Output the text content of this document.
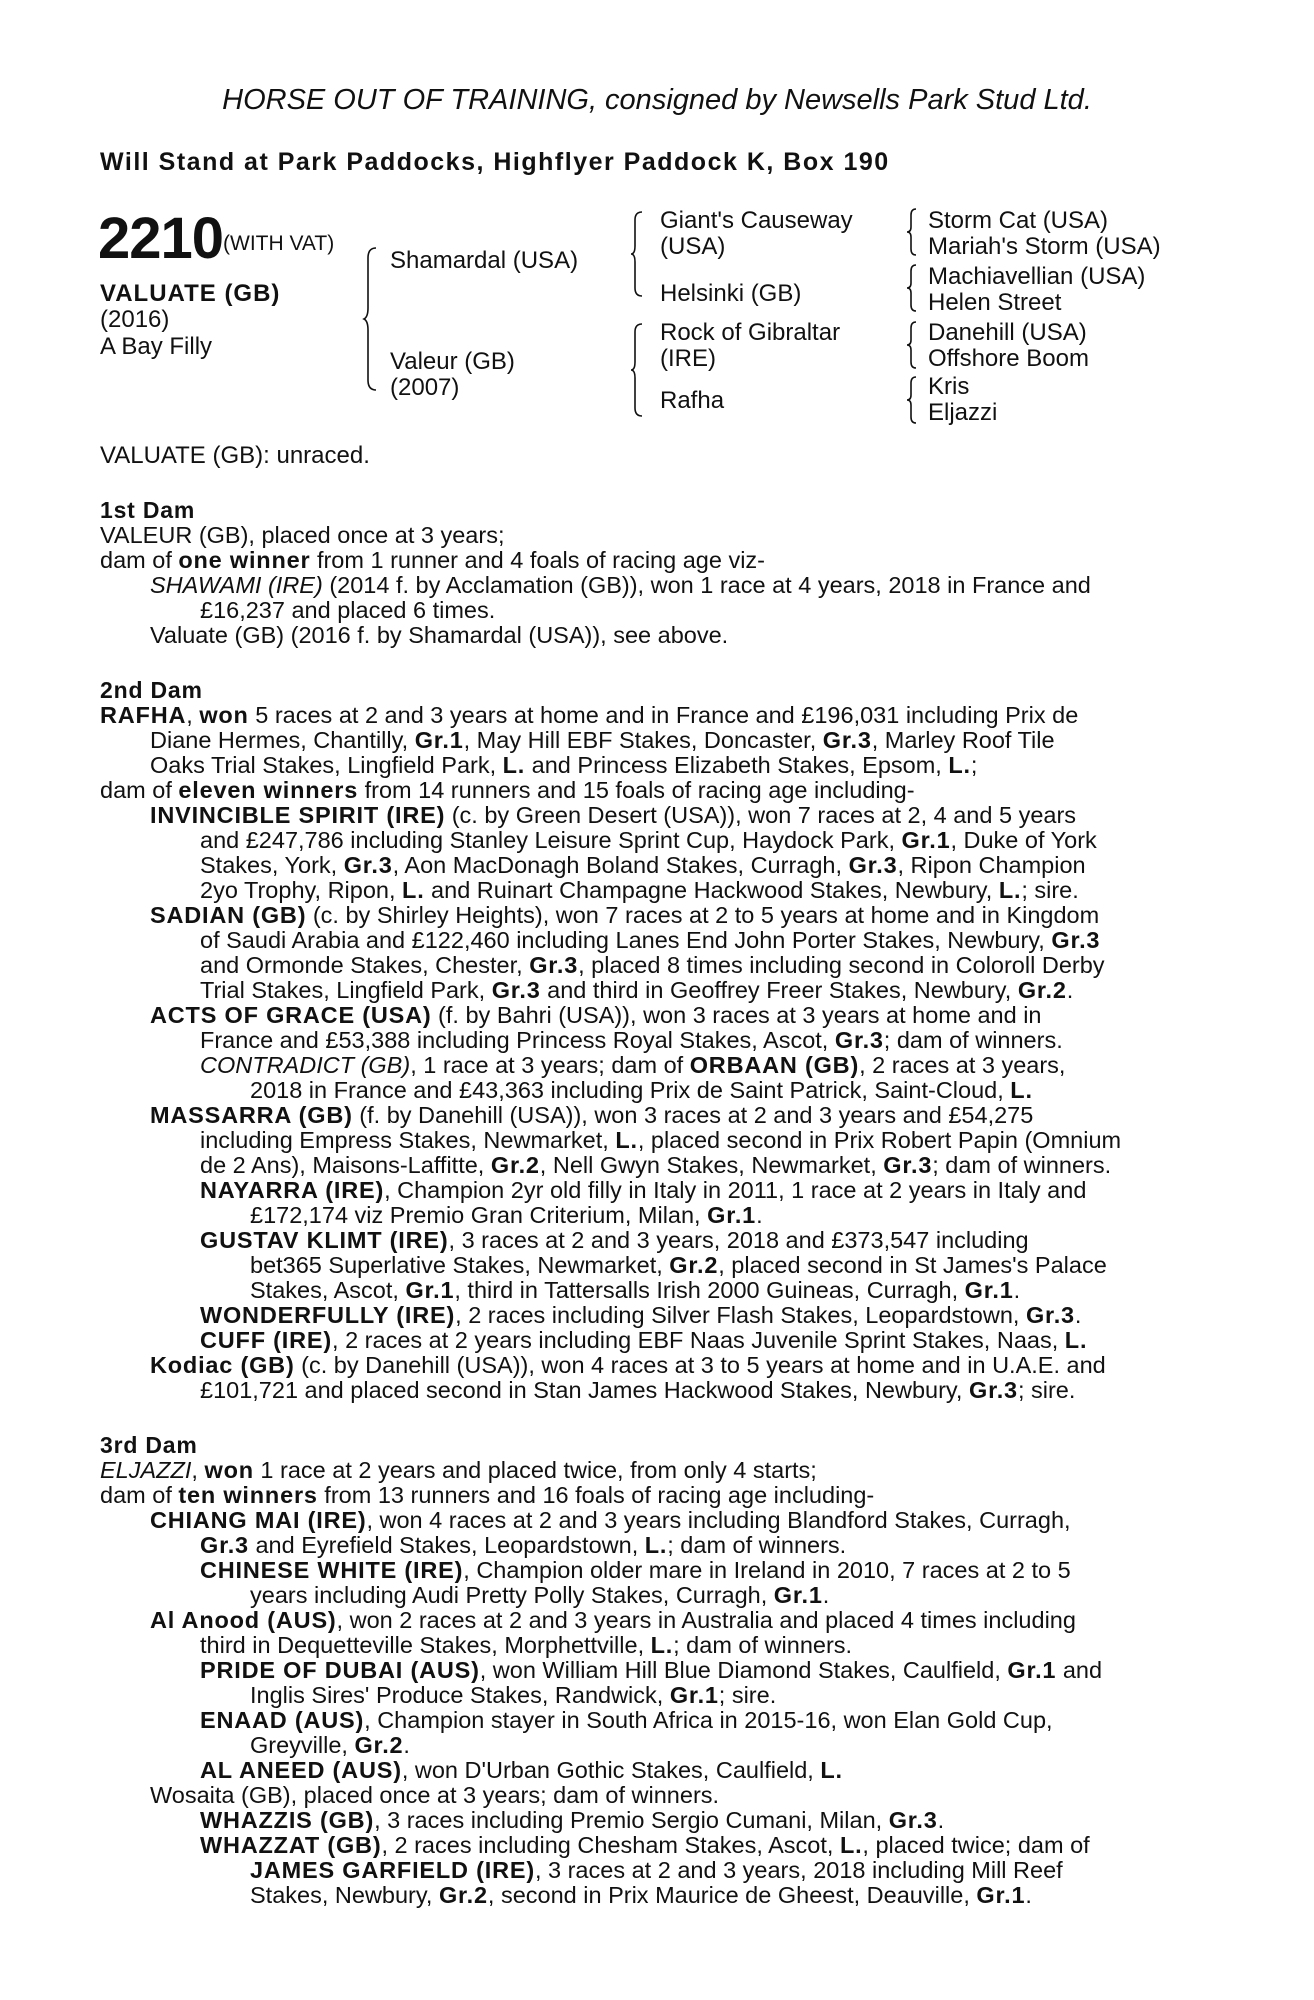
HORSE OUT OF TRAINING, consigned by Newsells Park Stud Ltd.
Will Stand at Park Paddocks, Highflyer Paddock K, Box 190
2210 (WITH VAT)
VALUATE (GB)
(2016)
A Bay Filly
Shamardal (USA)
Valeur (GB)
(2007)
Giant's Causeway
(USA)
Helsinki (GB)
Rock of Gibraltar
(IRE)
Rafha
Storm Cat (USA)
Mariah's Storm (USA)
Machiavellian (USA)
Helen Street
Danehill (USA)
Offshore Boom
Kris
Eljazzi
VALUATE (GB): unraced.
1st Dam
VALEUR (GB), placed once at 3 years;
dam of one winner from 1 runner and 4 foals of racing age viz-
SHAWAMI (IRE) (2014 f. by Acclamation (GB)), won 1 race at 4 years, 2018 in France and
£16,237 and placed 6 times.
Valuate (GB) (2016 f. by Shamardal (USA)), see above.
2nd Dam
RAFHA, won 5 races at 2 and 3 years at home and in France and £196,031 including Prix de
Diane Hermes, Chantilly, Gr.1, May Hill EBF Stakes, Doncaster, Gr.3, Marley Roof Tile
Oaks Trial Stakes, Lingfield Park, L. and Princess Elizabeth Stakes, Epsom, L.;
dam of eleven winners from 14 runners and 15 foals of racing age including-
INVINCIBLE SPIRIT (IRE) (c. by Green Desert (USA)), won 7 races at 2, 4 and 5 years
and £247,786 including Stanley Leisure Sprint Cup, Haydock Park, Gr.1, Duke of York
Stakes, York, Gr.3, Aon MacDonagh Boland Stakes, Curragh, Gr.3, Ripon Champion
2yo Trophy, Ripon, L. and Ruinart Champagne Hackwood Stakes, Newbury, L.; sire.
SADIAN (GB) (c. by Shirley Heights), won 7 races at 2 to 5 years at home and in Kingdom
of Saudi Arabia and £122,460 including Lanes End John Porter Stakes, Newbury, Gr.3
and Ormonde Stakes, Chester, Gr.3, placed 8 times including second in Coloroll Derby
Trial Stakes, Lingfield Park, Gr.3 and third in Geoffrey Freer Stakes, Newbury, Gr.2.
ACTS OF GRACE (USA) (f. by Bahri (USA)), won 3 races at 3 years at home and in
France and £53,388 including Princess Royal Stakes, Ascot, Gr.3; dam of winners.
CONTRADICT (GB), 1 race at 3 years; dam of ORBAAN (GB), 2 races at 3 years,
2018 in France and £43,363 including Prix de Saint Patrick, Saint-Cloud, L.
MASSARRA (GB) (f. by Danehill (USA)), won 3 races at 2 and 3 years and £54,275
including Empress Stakes, Newmarket, L., placed second in Prix Robert Papin (Omnium
de 2 Ans), Maisons-Laffitte, Gr.2, Nell Gwyn Stakes, Newmarket, Gr.3; dam of winners.
NAYARRA (IRE), Champion 2yr old filly in Italy in 2011, 1 race at 2 years in Italy and
£172,174 viz Premio Gran Criterium, Milan, Gr.1.
GUSTAV KLIMT (IRE), 3 races at 2 and 3 years, 2018 and £373,547 including
bet365 Superlative Stakes, Newmarket, Gr.2, placed second in St James's Palace
Stakes, Ascot, Gr.1, third in Tattersalls Irish 2000 Guineas, Curragh, Gr.1.
WONDERFULLY (IRE), 2 races including Silver Flash Stakes, Leopardstown, Gr.3.
CUFF (IRE), 2 races at 2 years including EBF Naas Juvenile Sprint Stakes, Naas, L.
Kodiac (GB) (c. by Danehill (USA)), won 4 races at 3 to 5 years at home and in U.A.E. and
£101,721 and placed second in Stan James Hackwood Stakes, Newbury, Gr.3; sire.
3rd Dam
ELJAZZI, won 1 race at 2 years and placed twice, from only 4 starts;
dam of ten winners from 13 runners and 16 foals of racing age including-
CHIANG MAI (IRE), won 4 races at 2 and 3 years including Blandford Stakes, Curragh,
Gr.3 and Eyrefield Stakes, Leopardstown, L.; dam of winners.
CHINESE WHITE (IRE), Champion older mare in Ireland in 2010, 7 races at 2 to 5
years including Audi Pretty Polly Stakes, Curragh, Gr.1.
Al Anood (AUS), won 2 races at 2 and 3 years in Australia and placed 4 times including
third in Dequetteville Stakes, Morphettville, L.; dam of winners.
PRIDE OF DUBAI (AUS), won William Hill Blue Diamond Stakes, Caulfield, Gr.1 and
Inglis Sires' Produce Stakes, Randwick, Gr.1; sire.
ENAAD (AUS), Champion stayer in South Africa in 2015-16, won Elan Gold Cup,
Greyville, Gr.2.
AL ANEED (AUS), won D'Urban Gothic Stakes, Caulfield, L.
Wosaita (GB), placed once at 3 years; dam of winners.
WHAZZIS (GB), 3 races including Premio Sergio Cumani, Milan, Gr.3.
WHAZZAT (GB), 2 races including Chesham Stakes, Ascot, L., placed twice; dam of
JAMES GARFIELD (IRE), 3 races at 2 and 3 years, 2018 including Mill Reef
Stakes, Newbury, Gr.2, second in Prix Maurice de Gheest, Deauville, Gr.1.
